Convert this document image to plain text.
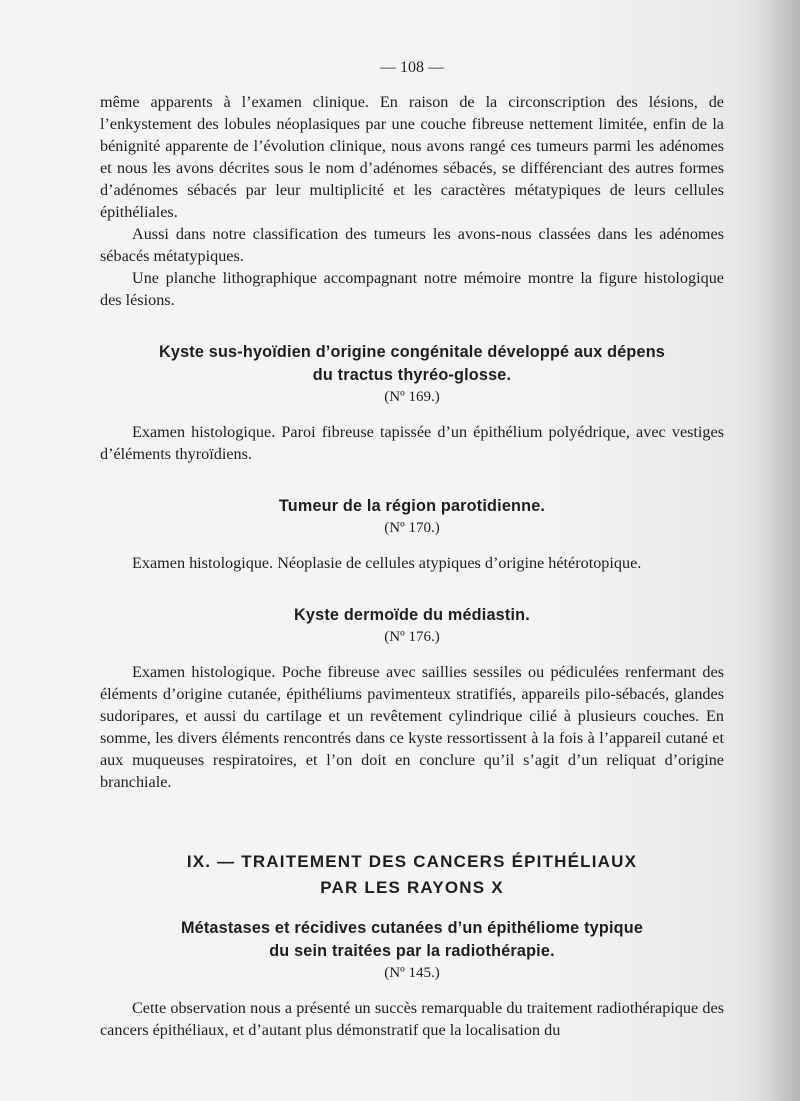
— 108 —

même apparents à l’examen clinique. En raison de la circonscription des lésions, de l’enkystement des lobules néoplasiques par une couche fibreuse nettement limitée, enfin de la bénignité apparente de l’évolution clinique, nous avons rangé ces tumeurs parmi les adénomes et nous les avons décrites sous le nom d’adénomes sébacés, se différenciant des autres formes d’adénomes sébacés par leur multiplicité et les caractères métatypiques de leurs cellules épithéliales.

Aussi dans notre classification des tumeurs les avons-nous classées dans les adénomes sébacés métatypiques.

Une planche lithographique accompagnant notre mémoire montre la figure histologique des lésions.

Kyste sus-hyoïdien d’origine congénitale développé aux dépens
du tractus thyréo-glosse.
(Nº 169.)

Examen histologique. Paroi fibreuse tapissée d’un épithélium polyédrique, avec vestiges d’éléments thyroïdiens.

Tumeur de la région parotidienne.
(Nº 170.)

Examen histologique. Néoplasie de cellules atypiques d’origine hétérotopique.

Kyste dermoïde du médiastin.
(Nº 176.)

Examen histologique. Poche fibreuse avec saillies sessiles ou pédiculées renfermant des éléments d’origine cutanée, épithéliums pavimenteux stratifiés, appareils pilo-sébacés, glandes sudoripares, et aussi du cartilage et un revêtement cylindrique cilié à plusieurs couches. En somme, les divers éléments rencontrés dans ce kyste ressortissent à la fois à l’appareil cutané et aux muqueuses respiratoires, et l’on doit en conclure qu’il s’agit d’un reliquat d’origine branchiale.

IX. — TRAITEMENT DES CANCERS ÉPITHÉLIAUX
PAR LES RAYONS X
Métastases et récidives cutanées d’un épithéliome typique
du sein traitées par la radiothérapie.
(Nº 145.)

Cette observation nous a présenté un succès remarquable du traitement radiothérapique des cancers épithéliaux, et d’autant plus démonstratif que la localisation du
